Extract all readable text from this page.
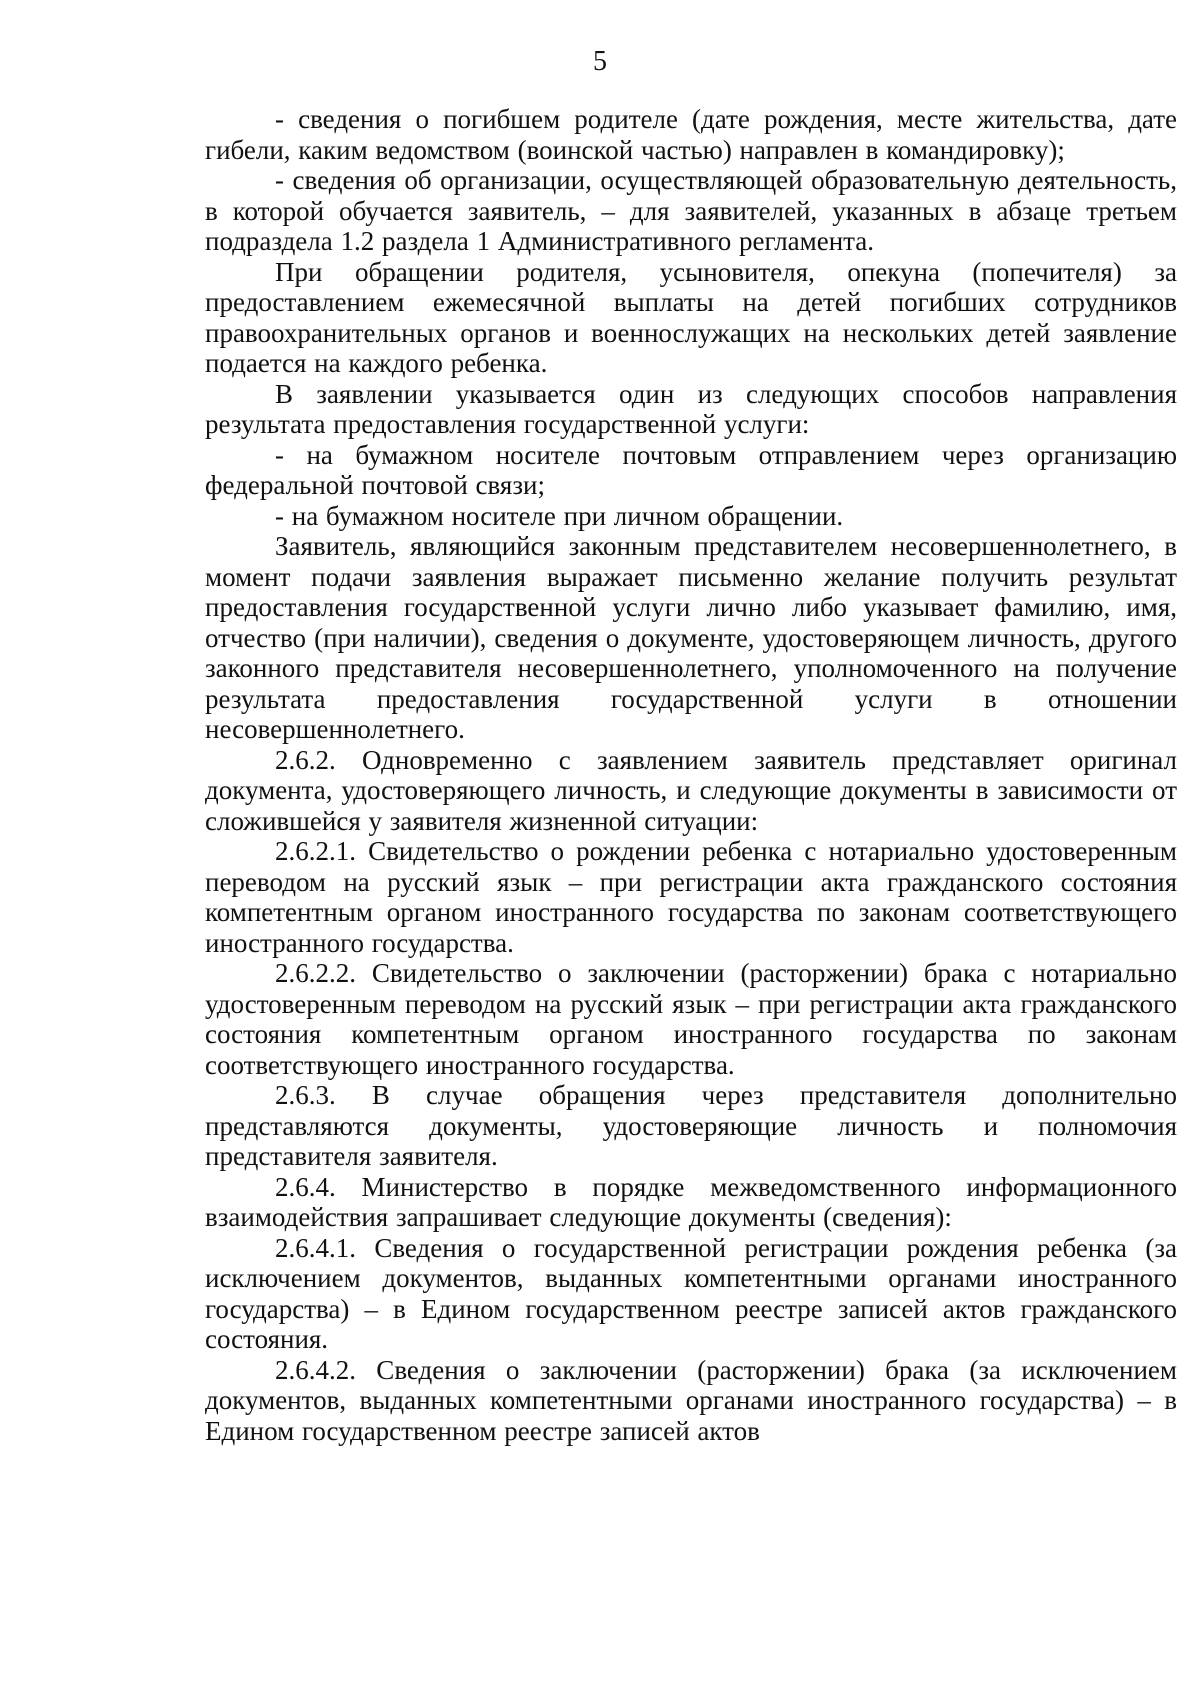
5

- сведения о погибшем родителе (дате рождения, месте жительства, дате гибели, каким ведомством (воинской частью) направлен в командировку);

- сведения об организации, осуществляющей образовательную деятельность, в которой обучается заявитель, – для заявителей, указанных в абзаце третьем подраздела 1.2 раздела 1 Административного регламента.

При обращении родителя, усыновителя, опекуна (попечителя) за предоставлением ежемесячной выплаты на детей погибших сотрудников правоохранительных органов и военнослужащих на нескольких детей заявление подается на каждого ребенка.

В заявлении указывается один из следующих способов направления результата предоставления государственной услуги:

- на бумажном носителе почтовым отправлением через организацию федеральной почтовой связи;

- на бумажном носителе при личном обращении.

Заявитель, являющийся законным представителем несовершеннолетнего, в момент подачи заявления выражает письменно желание получить результат предоставления государственной услуги лично либо указывает фамилию, имя, отчество (при наличии), сведения о документе, удостоверяющем личность, другого законного представителя несовершеннолетнего, уполномоченного на получение результата предоставления государственной услуги в отношении несовершеннолетнего.

2.6.2. Одновременно с заявлением заявитель представляет оригинал документа, удостоверяющего личность, и следующие документы в зависимости от сложившейся у заявителя жизненной ситуации:

2.6.2.1. Свидетельство о рождении ребенка с нотариально удостоверенным переводом на русский язык – при регистрации акта гражданского состояния компетентным органом иностранного государства по законам соответствующего иностранного государства.

2.6.2.2. Свидетельство о заключении (расторжении) брака с нотариально удостоверенным переводом на русский язык – при регистрации акта гражданского состояния компетентным органом иностранного государства по законам соответствующего иностранного государства.

2.6.3. В случае обращения через представителя дополнительно представляются документы, удостоверяющие личность и полномочия представителя заявителя.

2.6.4. Министерство в порядке межведомственного информационного взаимодействия запрашивает следующие документы (сведения):

2.6.4.1. Сведения о государственной регистрации рождения ребенка (за исключением документов, выданных компетентными органами иностранного государства) – в Едином государственном реестре записей актов гражданского состояния.

2.6.4.2. Сведения о заключении (расторжении) брака (за исключением документов, выданных компетентными органами иностранного государства) – в Едином государственном реестре записей актов
